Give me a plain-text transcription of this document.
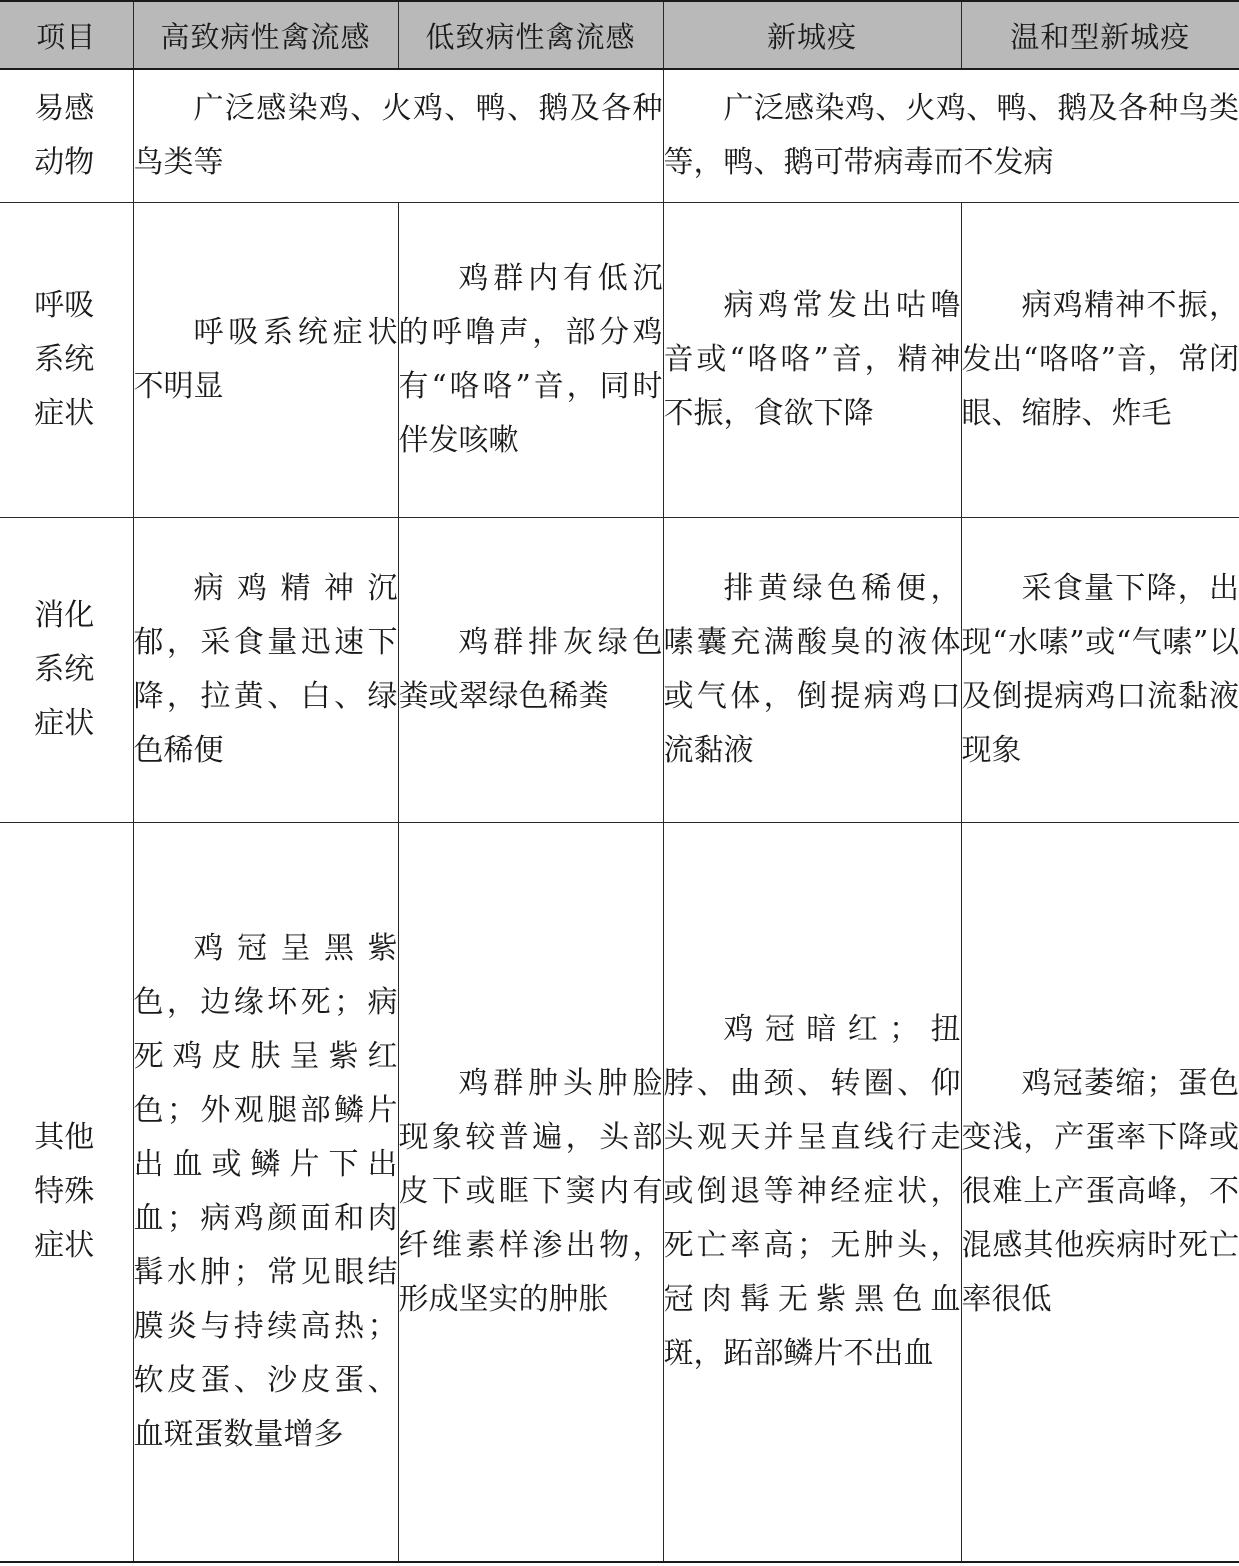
项目	高致病性禽流感	低致病性禽流感	新城疫	温和型新城疫
易感动物	广泛感染鸡、火鸡、鸭、鹅及各种鸟类等		广泛感染鸡、火鸡、鸭、鹅及各种鸟类等，鸭、鹅可带病毒而不发病	

呼吸系统症状	呼吸系统症状不明显	鸡群内有低沉的呼噜声，部分鸡有“咯咯”音，同时伴发咳嗽	病鸡常发出咕噜音或“咯咯”音，精神不振，食欲下降	病鸡精神不振，发出“咯咯”音，常闭眼、缩脖、炸毛

消化系统症状	病鸡精神沉郁，采食量迅速下降，拉黄、白、绿色稀便	鸡群排灰绿色粪或翠绿色稀粪	排黄绿色稀便，嗉囊充满酸臭的液体或气体，倒提病鸡口流黏液	采食量下降，出现“水嗉”或“气嗉”以及倒提病鸡口流黏液现象

其他特殊症状	鸡冠呈黑紫色，边缘坏死；病死鸡皮肤呈紫红色；外观腿部鳞片出血或鳞片下出血；病鸡颜面和肉髯水肿；常见眼结膜炎与持续高热；软皮蛋、沙皮蛋、血斑蛋数量增多	鸡群肿头肿脸现象较普遍，头部皮下或眶下窦内有纤维素样渗出物，形成坚实的肿胀	鸡冠暗红；扭脖、曲颈、转圈、仰头观天并呈直线行走或倒退等神经症状，死亡率高；无肿头，冠肉髯无紫黑色血斑，跖部鳞片不出血	鸡冠萎缩；蛋色变浅，产蛋率下降或很难上产蛋高峰，不混感其他疾病时死亡率很低
